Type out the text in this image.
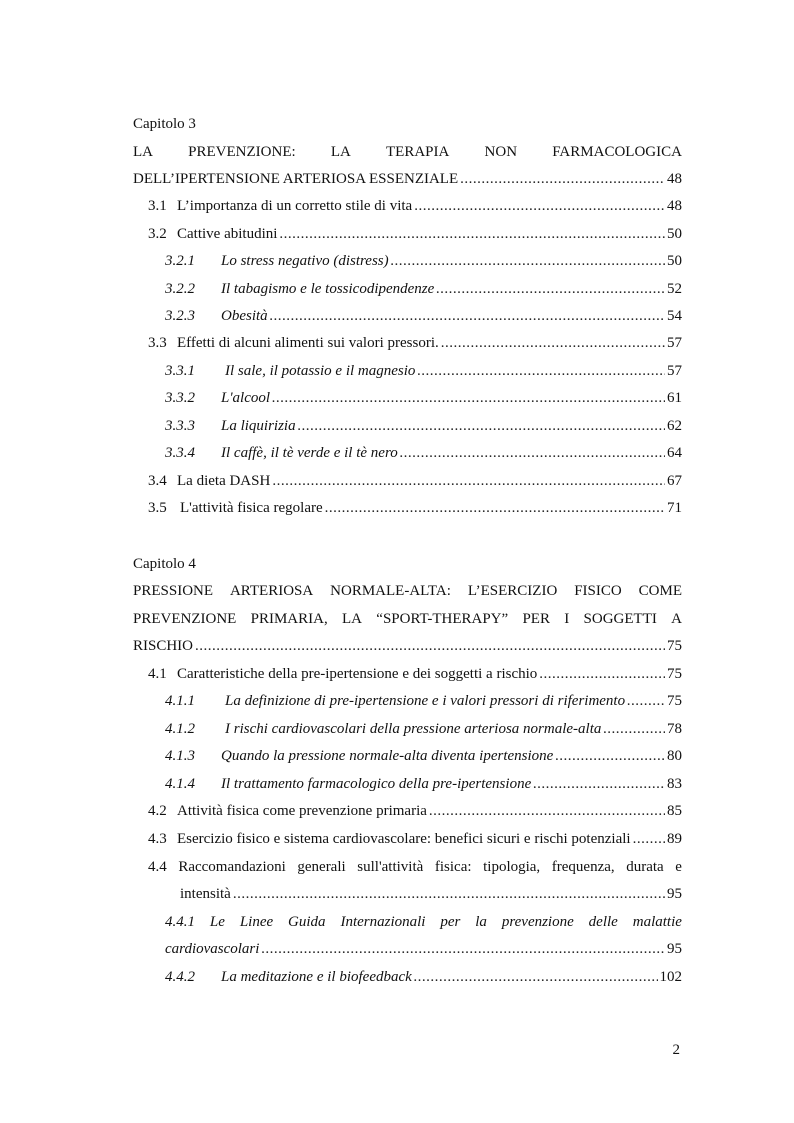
Capitolo 3
LA PREVENZIONE: LA TERAPIA NON FARMACOLOGICA
DELL’IPERTENSIONE ARTERIOSA ESSENZIALE .....	48
3.1 L’importanza di un corretto stile di vita .....	48
3.2 Cattive abitudini .....	50
3.2.1	Lo stress negativo (distress) .....	50
3.2.2	Il tabagismo e le tossicodipendenze .....	52
3.2.3	Obesità .....	54
3.3 Effetti di alcuni alimenti sui valori pressori. .....	57
3.3.1	Il sale, il potassio e il magnesio .....	57
3.3.2	L'alcool .....	61
3.3.3	La liquirizia .....	62
3.3.4	Il caffè, il tè verde e il tè nero .....	64
3.4 La dieta DASH .....	67
3.5 L'attività fisica regolare .....	71
Capitolo 4
PRESSIONE ARTERIOSA NORMALE-ALTA: L’ESERCIZIO FISICO COME
PREVENZIONE PRIMARIA, LA “SPORT-THERAPY” PER I SOGGETTI A
RISCHIO .....	75
4.1 Caratteristiche della pre-ipertensione e dei soggetti a rischio .....	75
4.1.1	La definizione di pre-ipertensione e i valori pressori di riferimento .....	75
4.1.2	I rischi cardiovascolari della pressione arteriosa normale-alta .....	78
4.1.3	Quando la pressione normale-alta diventa ipertensione .....	80
4.1.4	Il trattamento farmacologico della pre-ipertensione .....	83
4.2 Attività fisica come prevenzione primaria .....	85
4.3 Esercizio fisico e sistema cardiovascolare: benefici sicuri e rischi potenziali ..... 89
4.4 Raccomandazioni generali sull'attività fisica: tipologia, frequenza, durata e
intensità .....	95
4.4.1 Le Linee Guida Internazionali per la prevenzione delle malattie
cardiovascolari .....	95
4.4.2	La meditazione e il biofeedback .....	102
2
